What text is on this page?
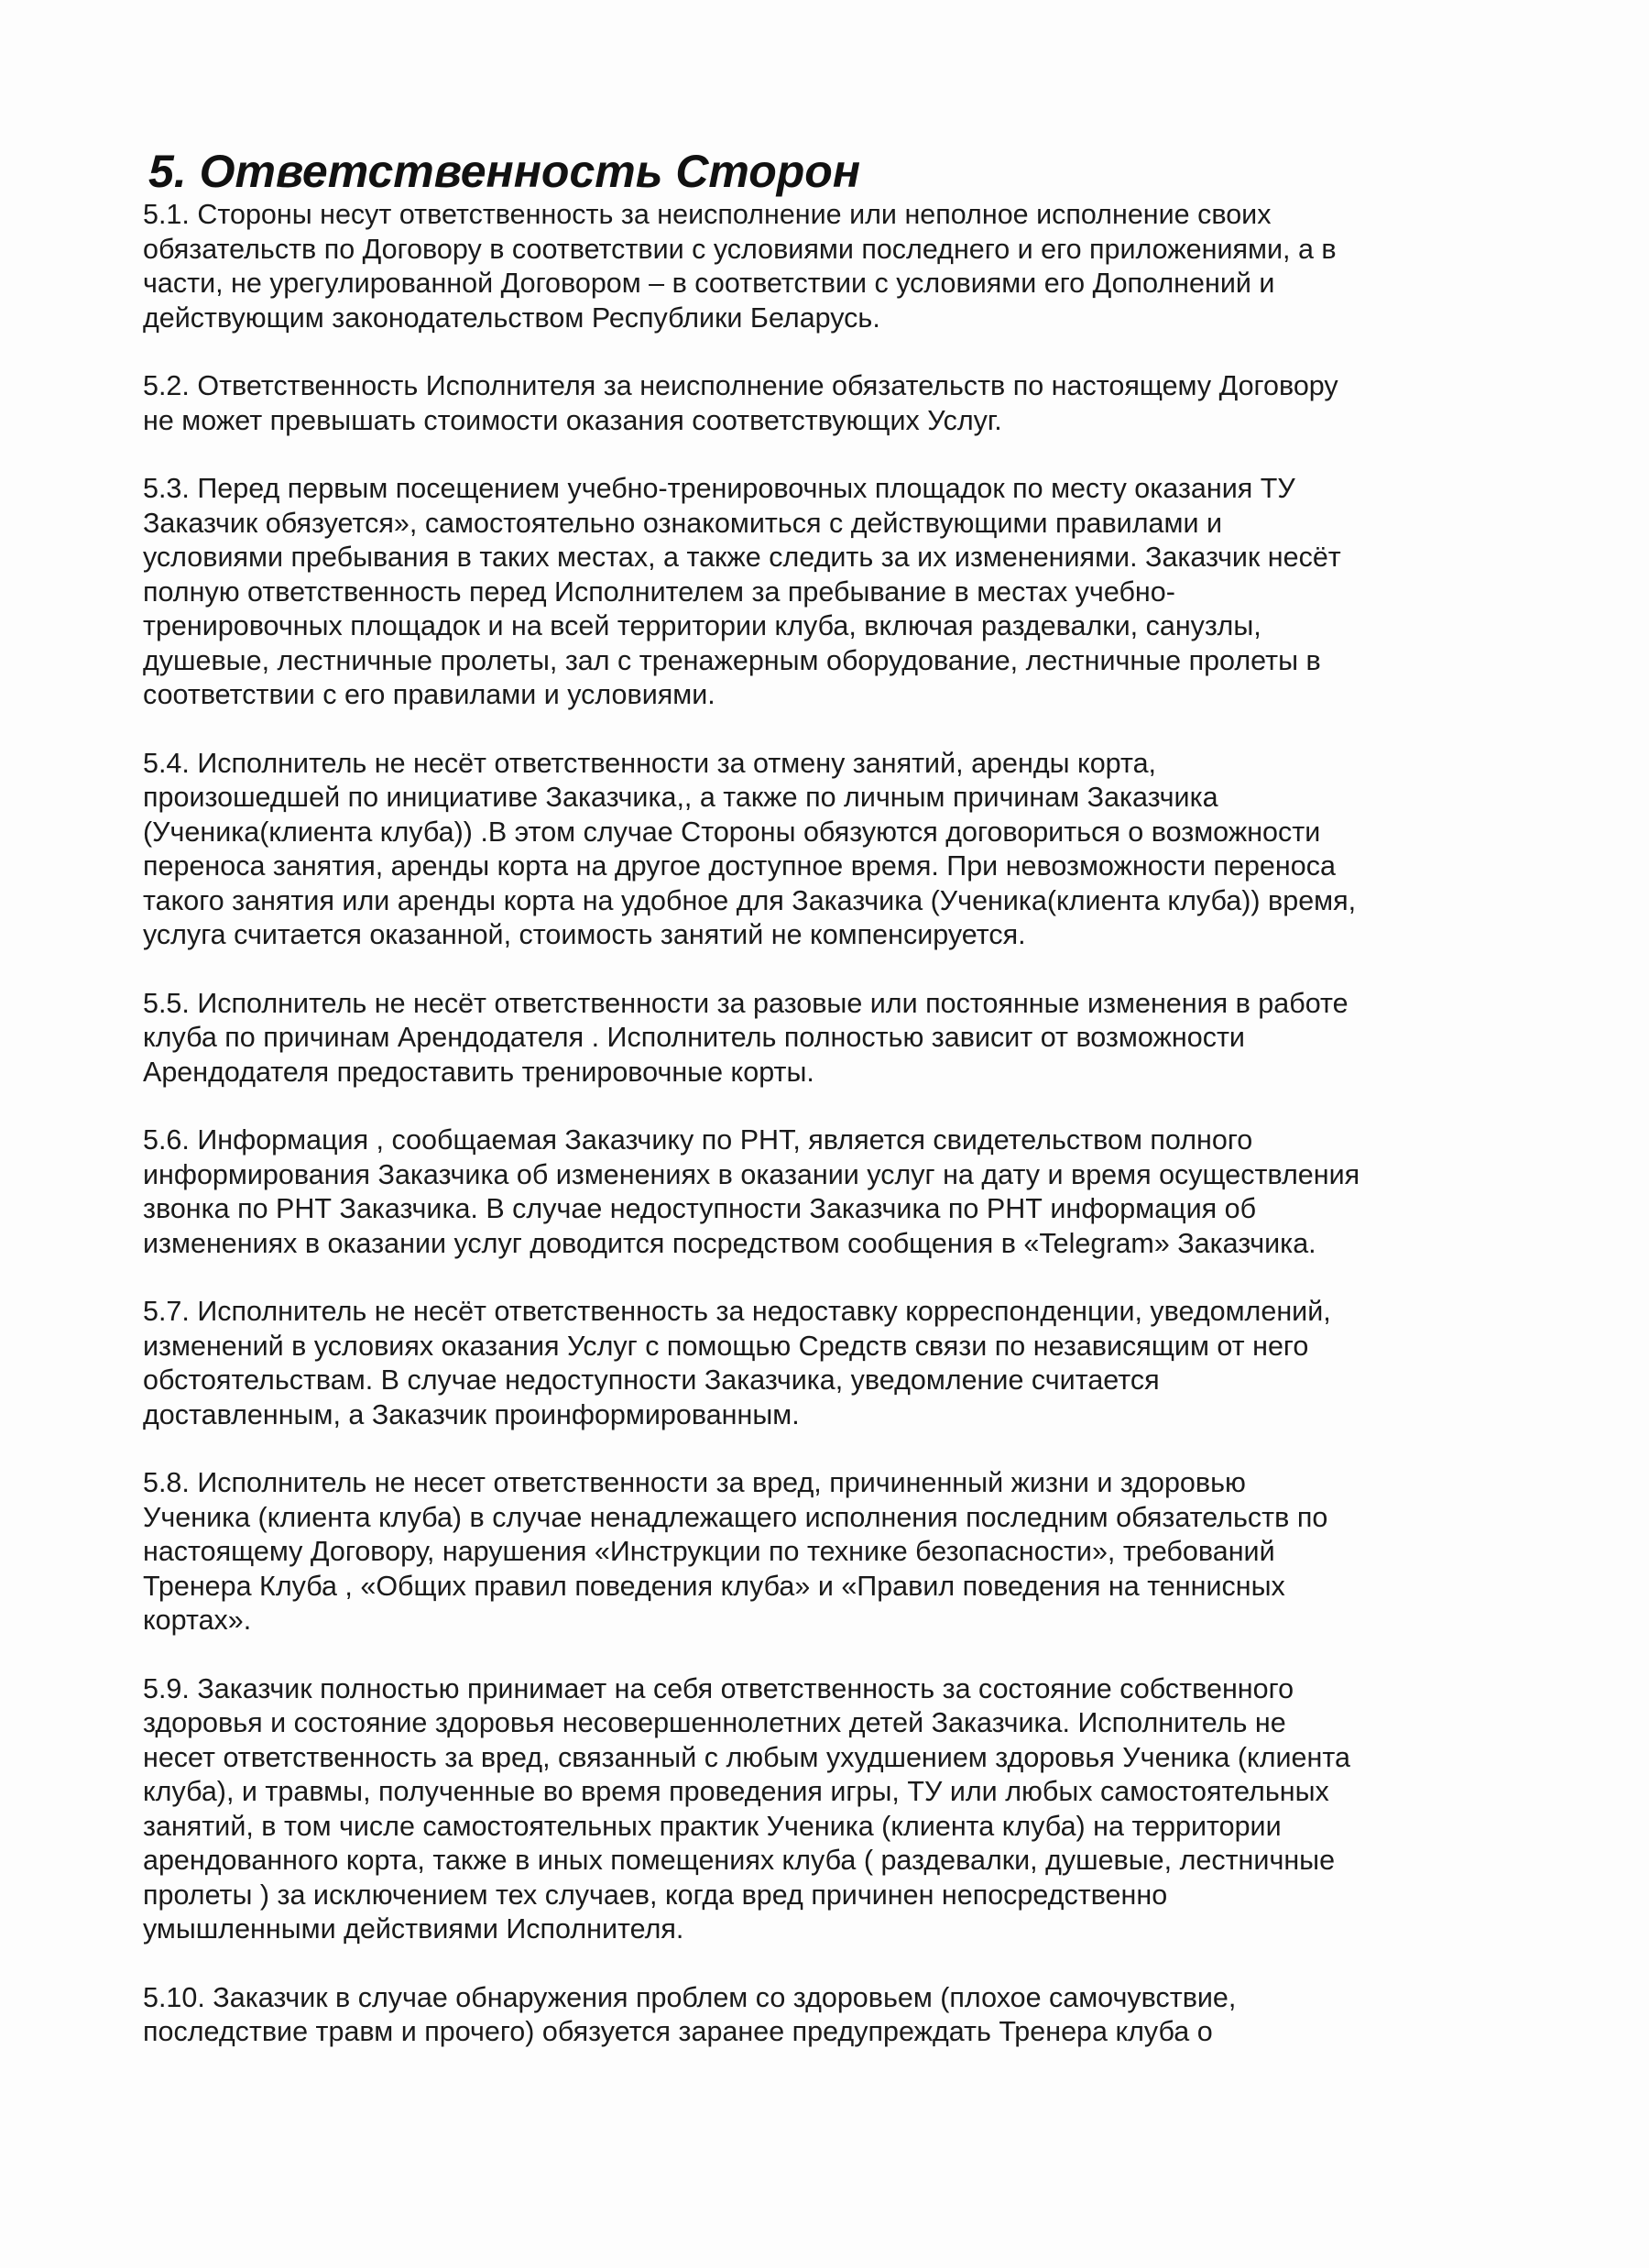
5. Ответственность Сторон
5.1. Стороны несут ответственность за неисполнение или неполное исполнение своих
обязательств по Договору в соответствии с условиями последнего и его приложениями, а в
части, не урегулированной Договором – в соответствии с условиями его Дополнений и
действующим законодательством Республики Беларусь.
5.2. Ответственность Исполнителя за неисполнение обязательств по настоящему Договору
не может превышать стоимости оказания соответствующих Услуг.
5.3. Перед первым посещением учебно-тренировочных площадок по месту оказания ТУ
Заказчик обязуется», самостоятельно ознакомиться с действующими правилами и
условиями пребывания в таких местах, а также следить за их изменениями. Заказчик несёт
полную ответственность перед Исполнителем за пребывание в местах учебно-
тренировочных площадок и на всей территории клуба, включая раздевалки, санузлы,
душевые, лестничные пролеты, зал с тренажерным оборудование, лестничные пролеты в
соответствии с его правилами и условиями.
5.4. Исполнитель не несёт ответственности за отмену занятий, аренды корта,
произошедшей по инициативе Заказчика,, а также по личным причинам Заказчика
(Ученика(клиента клуба)) .В этом случае Стороны обязуются договориться о возможности
переноса занятия, аренды корта на другое доступное время. При невозможности переноса
такого занятия или аренды корта на удобное для Заказчика (Ученика(клиента клуба)) время,
услуга считается оказанной, стоимость занятий не компенсируется.
5.5. Исполнитель не несёт ответственности за разовые или постоянные изменения в работе
клуба по причинам Арендодателя . Исполнитель полностью зависит от возможности
Арендодателя предоставить тренировочные корты.
5.6. Информация , сообщаемая Заказчику по РНТ, является свидетельством полного
информирования Заказчика об изменениях в оказании услуг на дату и время осуществления
звонка по РНТ Заказчика. В случае недоступности Заказчика по РНТ информация об
изменениях в оказании услуг доводится посредством сообщения в «Telegram» Заказчика.
5.7. Исполнитель не несёт ответственность за недоставку корреспонденции, уведомлений,
изменений в условиях оказания Услуг с помощью Средств связи по независящим от него
обстоятельствам. В случае недоступности Заказчика, уведомление считается
доставленным, а Заказчик проинформированным.
5.8. Исполнитель не несет ответственности за вред, причиненный жизни и здоровью
Ученика (клиента клуба) в случае ненадлежащего исполнения последним обязательств по
настоящему Договору, нарушения «Инструкции по технике безопасности», требований
Тренера Клуба , «Общих правил поведения клуба» и «Правил поведения на теннисных
кортах».
5.9. Заказчик полностью принимает на себя ответственность за состояние собственного
здоровья и состояние здоровья несовершеннолетних детей Заказчика. Исполнитель не
несет ответственность за вред, связанный с любым ухудшением здоровья Ученика (клиента
клуба), и травмы, полученные во время проведения игры, ТУ или любых самостоятельных
занятий, в том числе самостоятельных практик Ученика (клиента клуба) на территории
арендованного корта, также в иных помещениях клуба ( раздевалки, душевые, лестничные
пролеты ) за исключением тех случаев, когда вред причинен непосредственно
умышленными действиями Исполнителя.
5.10. Заказчик в случае обнаружения проблем со здоровьем (плохое самочувствие,
последствие травм и прочего) обязуется заранее предупреждать Тренера клуба о
